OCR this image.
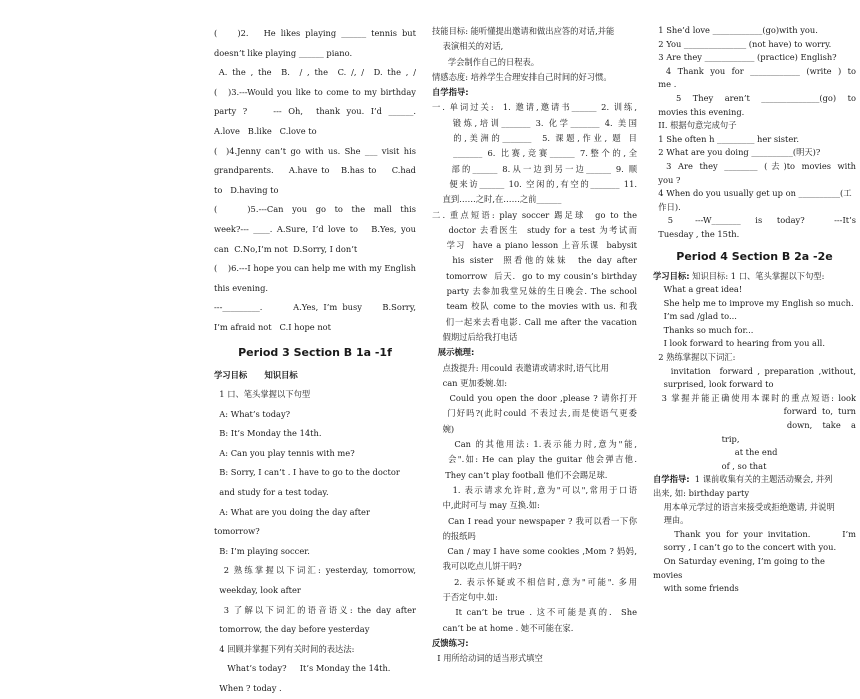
(    )2.   He likes playing ______ tennis but
doesn’t like playing ______ piano.
A. the , the  B.  / , the  C. /, /  D. the , /
(   )3.---Would you like to come to my birthday
party ?    --- Oh,  thank you. I’d ______.
A.love   B.like   C.love to
(  )4.Jenny can’t go with us. She ___ visit his
grandparents.    A.have to   B.has to    C.had
to   D.having to
(       )5.---Can  you  go  to  the  mall  this
week?--- ____. A.Sure, I’d love to   B.Yes, you
can  C.No,I’m not  D.Sorry, I don’t
(    )6.---I hope you can help me with my English
this evening.
---_________.      A.Yes, I’m busy    B.Sorry,
I’m afraid not   C.I hope not
Period 3 Section B 1a -1f
学习目标      知识目标
1 口、笔头掌握以下句型
A: What’s today?
B: It’s Monday the 14th.
A: Can you play tennis with me?
B: Sorry, I can’t . I have to go to the doctor
and study for a test today.
A: What are you doing the day after tomorrow?
B: I’m playing soccer.
2 熟练掌握以下词汇: yesterday, tomorrow,
weekday, look after
3 了解以下词汇的语音语义: the day after
tomorrow, the day before yesterday
4 回顾并掌握下列有关时间的表达法:
What’s today?     It’s Monday the 14th.
When ? today .
技能目标: 能听懂提出邀请和做出应答的对话,并能
表演相关的对话,
学会制作自己的日程表。
情感态度: 培养学生合理安排自己时间的好习惯。
自学指导:
一. 单词过关:  1. 邀请,邀请书______ 2. 训练,
锻炼,培训_______ 3. 化学_______ 4. 美国
的,美洲的_______  5. 课题,作业, 题 目
_______ 6. 比赛,竞赛______ 7.整个的,全
部的______ 8.从一边到另一边______ 9. 顺
便来访______ 10. 空闲的,有空的_______ 11.
直到……之时,在……之前______
二. 重点短语: play soccer 踢足球  go to the
doctor 去看医生  study for a test 为考试而
学习  have a piano lesson 上音乐课  babysit
his sister  照看他的妹妹  the day after
tomorrow  后天.  go to my cousin’s birthday
party 去参加我堂兄妹的生日晚会. The school
team 校队 come to the movies with us. 和我
们一起来去看电影. Call me after the vacation
假期过后给我打电话
展示梳理:
点拨提升: 用could 表邀请或请求时,语气比用
can 更加委婉.如:
Could you open the door ,please ? 请你打开
门好吗?(此时could 不表过去,而是使语气更委
婉)
Can 的其他用法: 1.表示能力时,意为"能,
会".如: He can play the guitar 他会弹吉他.
They can’t play football 他们不会踢足球.
1. 表示请求允许时,意为"可以",常用于口语
中,此时可与 may 互换.如:
Can I read your newspaper ? 我可以看一下你
的报纸吗
Can / may I have some cookies ,Mom ? 妈妈,
我可以吃点儿饼干吗?
2. 表示怀疑或不相信时,意为"可能". 多用
于否定句中.如:
It can’t be true . 这不可能是真的.  She
can’t be at home . 她不可能在家.
反馈练习:
I 用所给动词的适当形式填空
1 She’d love ____________(go)with you.
2 You _______________ (not have) to worry.
3 Are they ____________ (practice) English?
4 Thank you for ____________ (write ) to
me .
5 They aren’t ______________(go) to
movies this evening.
II. 根据句意完成句子
1 She often h _________ her sister.
2 What are you doing __________(明天)?
3 Are they ________ (去)to movies with
you ?
4 When do you usually get up on __________(工
作日).
5   ---W_______  is  today?    ---It’s
Tuesday , the 15th.
Period 4 Section B 2a -2e
学习目标: 知识目标: 1 口、笔头掌握以下句型:
What a great idea!
She help me to improve my English so much.
I’m sad /glad to...
Thanks so much for...
I look forward to hearing from you all.
2 熟练掌握以下词汇:
invitation  forward , preparation ,without,
surprised, look forward to
3 掌握并能正确使用本课时的重点短语: look
forward to, turn
down,  take  a
trip,
at the end
of , so that
自学指导:  1 课前收集有关的主题活动聚会, 并列
出来, 如: birthday party
用本单元学过的语言来接受或拒绝邀请, 并说明
理由。
Thank you for your invitation.      I’m
sorry , I can’t go to the concert with you.
On Saturday evening, I’m going to the movies
with some friends
